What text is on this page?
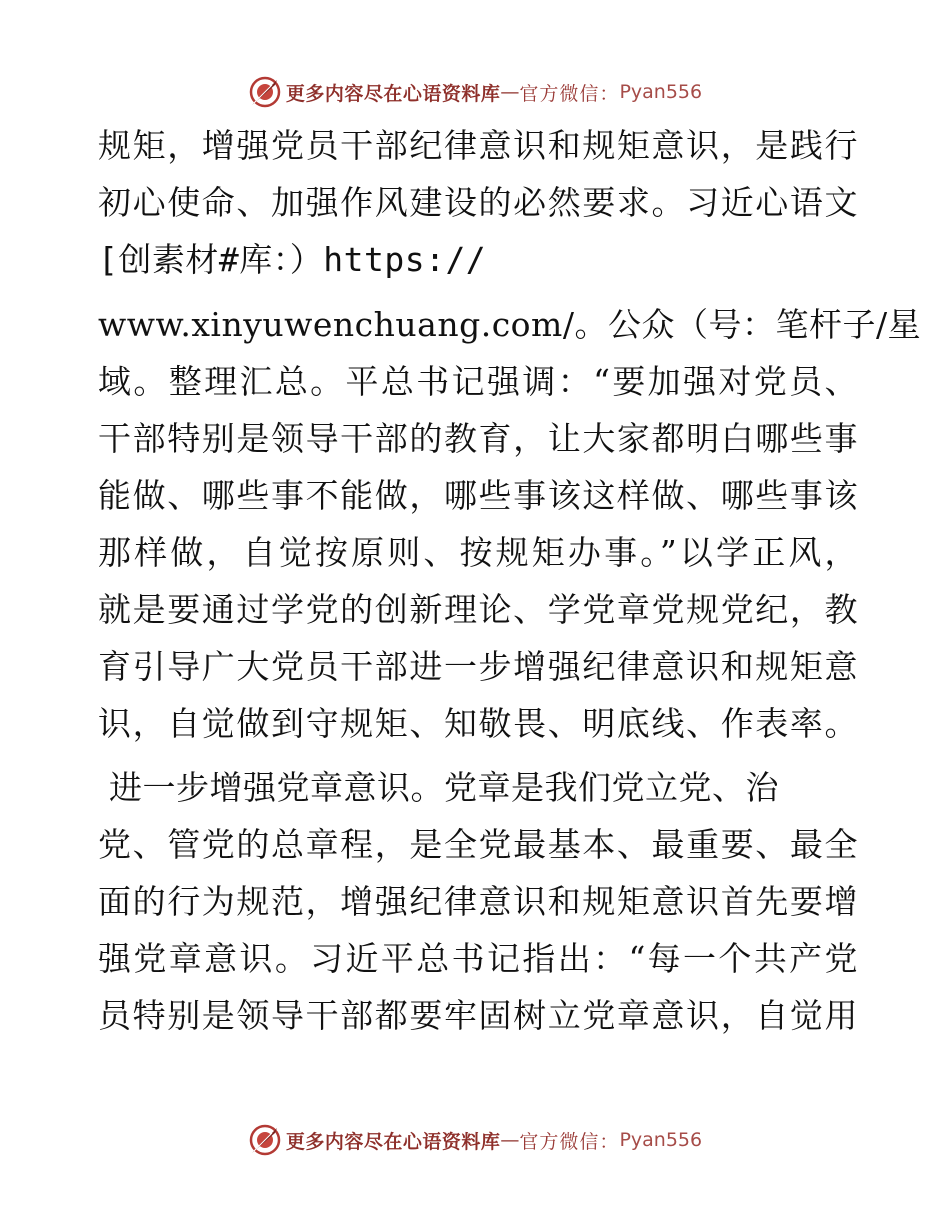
更多内容尽在心语资料库 — 官方微信： Pyan556
规矩，增强党员干部纪律意识和规矩意识，是践行
初心使命、加强作风建设的必然要求。习近心语文
[创素材#库：）https://
www.xinyuwenchuang.com/。公众（号：笔杆子/星
域。整理汇总。平总书记强调：“要加强对党员、
干部特别是领导干部的教育，让大家都明白哪些事
能做、哪些事不能做，哪些事该这样做、哪些事该
那样做，自觉按原则、按规矩办事。”以学正风，
就是要通过学党的创新理论、学党章党规党纪，教
育引导广大党员干部进一步增强纪律意识和规矩意
识，自觉做到守规矩、知敬畏、明底线、作表率。
进一步增强党章意识。党章是我们党立党、治
党、管党的总章程，是全党最基本、最重要、最全
面的行为规范，增强纪律意识和规矩意识首先要增
强党章意识。习近平总书记指出：“每一个共产党
员特别是领导干部都要牢固树立党章意识，自觉用
更多内容尽在心语资料库 — 官方微信： Pyan556
